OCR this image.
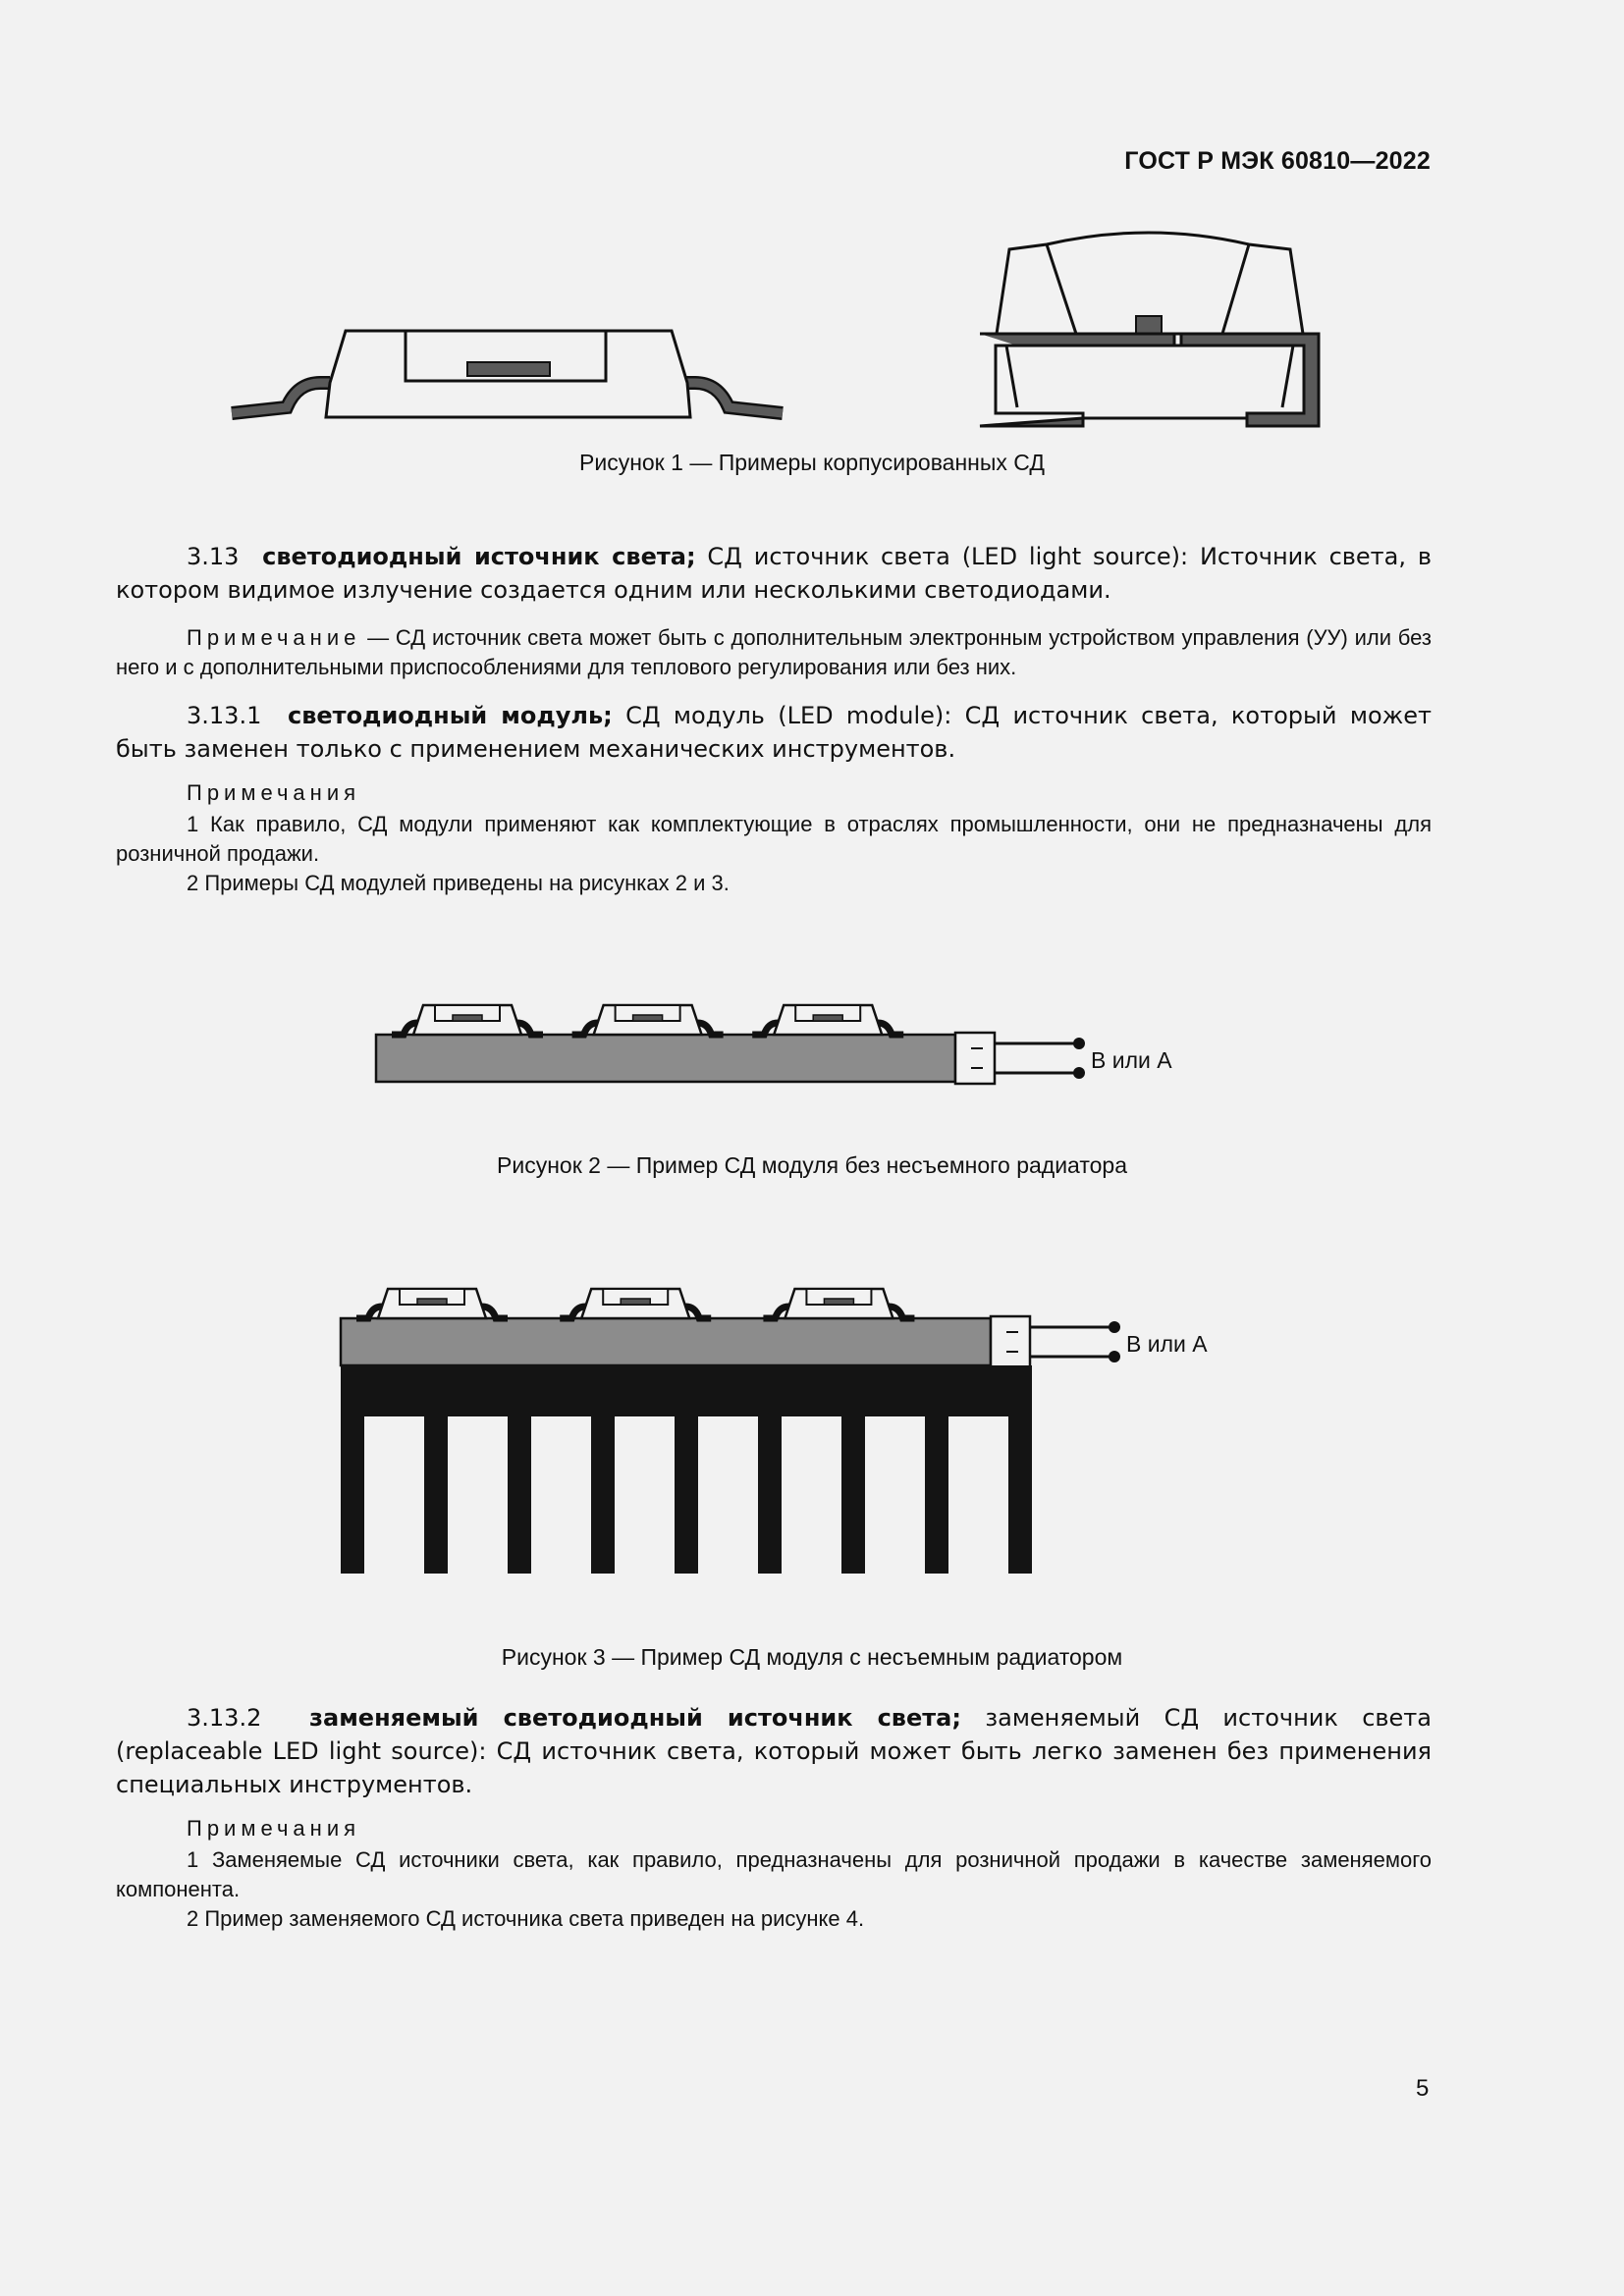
ГОСТ Р МЭК 60810—2022
Рисунок 1 — Примеры корпусированных СД

3.13 светодиодный источник света; СД источник света (LED light source): Источник света, в котором видимое излучение создается одним или несколькими светодиодами.

Примечание — СД источник света может быть с дополнительным электронным устройством управления (УУ) или без него и с дополнительными приспособлениями для теплового регулирования или без них.

3.13.1 светодиодный модуль; СД модуль (LED module): СД источник света, который может быть заменен только с применением механических инструментов.

Примечания

1 Как правило, СД модули применяют как комплектующие в отраслях промышленности, они не предназначены для розничной продажи.

2 Примеры СД модулей приведены на рисунках 2 и 3.

В или А
Рисунок 2 — Пример СД модуля без несъемного радиатора
В или А
Рисунок 3 — Пример СД модуля с несъемным радиатором

3.13.2 заменяемый светодиодный источник света; заменяемый СД источник света (replaceable LED light source): СД источник света, который может быть легко заменен без применения специальных инструментов.

Примечания

1 Заменяемые СД источники света, как правило, предназначены для розничной продажи в качестве заменяемого компонента.

2 Пример заменяемого СД источника света приведен на рисунке 4.

5
